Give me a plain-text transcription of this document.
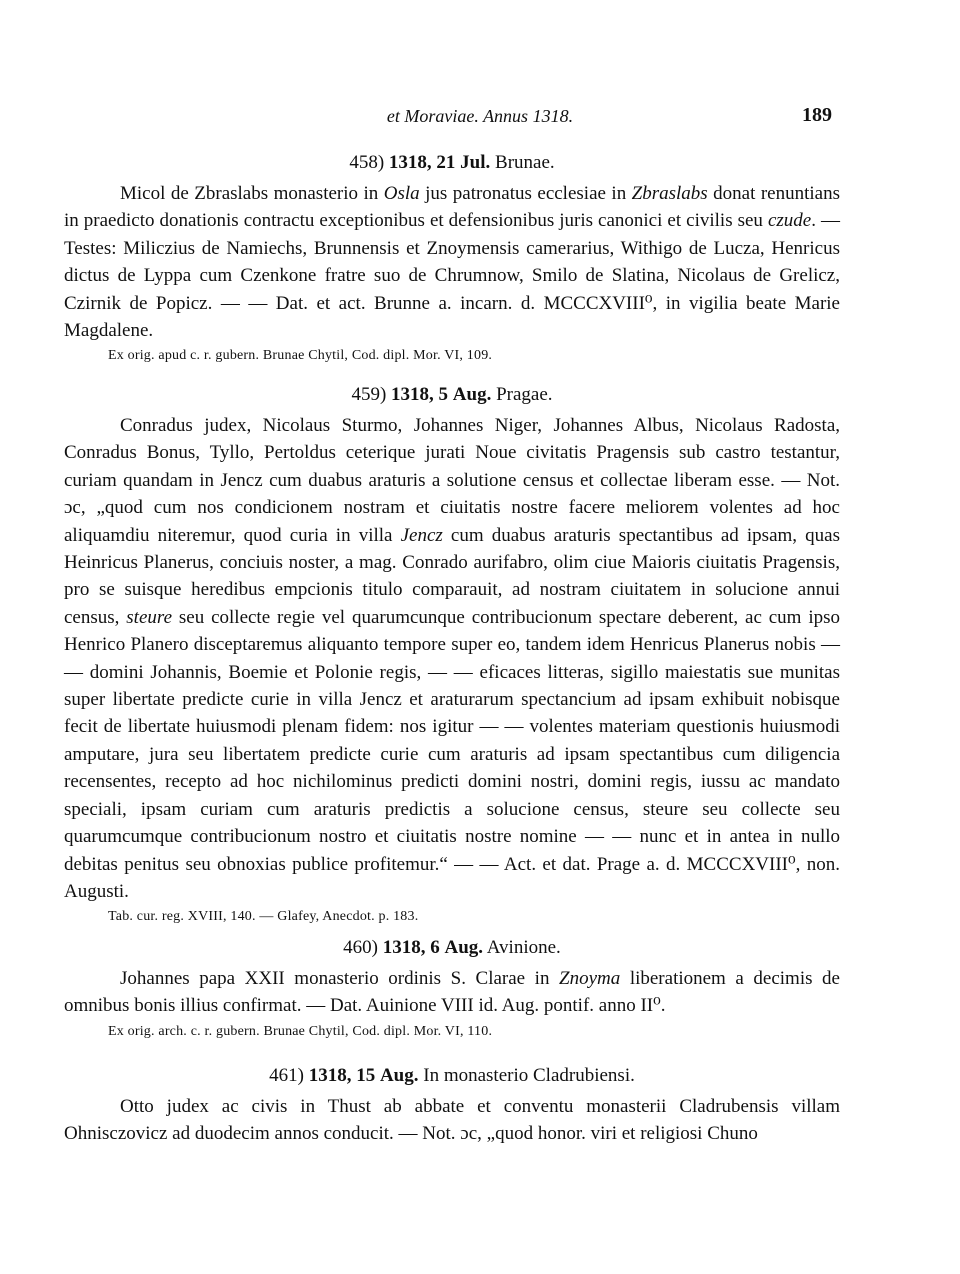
et Moraviae. Annus 1318.	189

458) 1318, 21 Jul. Brunae.

Micol de Zbraslabs monasterio in Osla jus patronatus ecclesiae in Zbraslabs donat renuntians in praedicto donationis contractu exceptionibus et defensionibus juris canonici et civilis seu czude. — Testes: Miliczius de Namiechs, Brunnensis et Znoymensis camerarius, Withigo de Lucza, Henricus dictus de Lyppa cum Czenkone fratre suo de Chrumnow, Smilo de Slatina, Nicolaus de Grelicz, Czirnik de Popicz. — — Dat. et act. Brunne a. incarn. d. MCCCXVIII⁰, in vigilia beate Marie Magdalene.

Ex orig. apud c. r. gubern. Brunae Chytil, Cod. dipl. Mor. VI, 109.

459) 1318, 5 Aug. Pragae.

Conradus judex, Nicolaus Sturmo, Johannes Niger, Johannes Albus, Nicolaus Radosta, Conradus Bonus, Tyllo, Pertoldus ceterique jurati Noue civitatis Pragensis sub castro testantur, curiam quandam in Jencz cum duabus araturis a solutione census et collectae liberam esse. — Not. ɔc, „quod cum nos condicionem nostram et ciuitatis nostre facere meliorem volentes ad hoc aliquamdiu niteremur, quod curia in villa Jencz cum duabus araturis spectantibus ad ipsam, quas Heinricus Planerus, conciuis noster, a mag. Conrado aurifabro, olim ciue Maioris ciuitatis Pragensis, pro se suisque heredibus empcionis titulo comparauit, ad nostram ciuitatem in solucione annui census, steure seu collecte regie vel quarumcunque contribucionum spectare deberent, ac cum ipso Henrico Planero disceptaremus aliquanto tempore super eo, tandem idem Henricus Planerus nobis — — domini Johannis, Boemie et Polonie regis, — — eficaces litteras, sigillo maiestatis sue munitas super libertate predicte curie in villa Jencz et araturarum spectancium ad ipsam exhibuit nobisque fecit de libertate huiusmodi plenam fidem: nos igitur — — volentes materiam questionis huiusmodi amputare, jura seu libertatem predicte curie cum araturis ad ipsam spectantibus cum diligencia recensentes, recepto ad hoc nichilominus predicti domini nostri, domini regis, iussu ac mandato speciali, ipsam curiam cum araturis predictis a solucione census, steure seu collecte seu quarumcumque contribucionum nostro et ciuitatis nostre nomine — — nunc et in antea in nullo debitas penitus seu obnoxias publice profitemur.“ — — Act. et dat. Prage a. d. MCCCXVIII⁰, non. Augusti.

Tab. cur. reg. XVIII, 140. — Glafey, Anecdot. p. 183.

460) 1318, 6 Aug. Avinione.

Johannes papa XXII monasterio ordinis S. Clarae in Znoyma liberationem a decimis de omnibus bonis illius confirmat. — Dat. Auinione VIII id. Aug. pontif. anno II⁰.

Ex orig. arch. c. r. gubern. Brunae Chytil, Cod. dipl. Mor. VI, 110.

461) 1318, 15 Aug. In monasterio Cladrubiensi.

Otto judex ac civis in Thust ab abbate et conventu monasterii Cladrubensis villam Ohnisczovicz ad duodecim annos conducit. — Not. ɔc, „quod honor. viri et religiosi Chuno
